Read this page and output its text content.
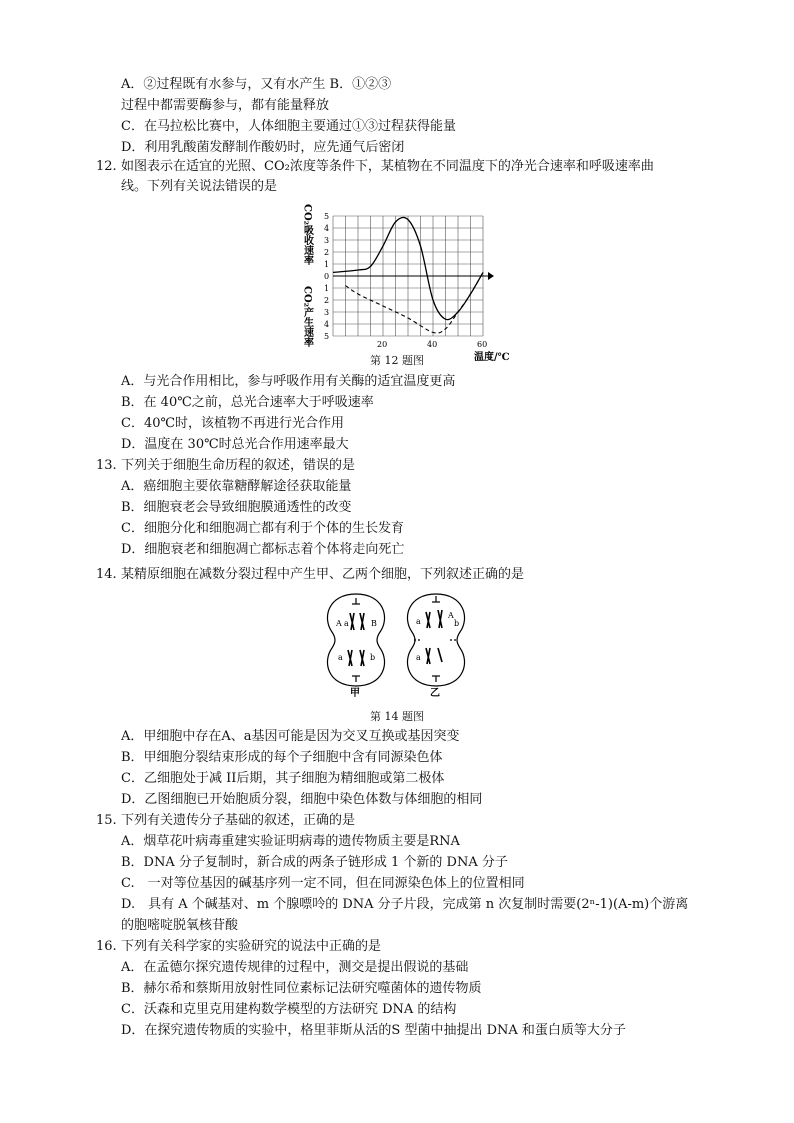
A．②过程既有水参与，又有水产生 B．①②③
过程中都需要酶参与，都有能量释放
C．在马拉松比赛中，人体细胞主要通过①③过程获得能量
D．利用乳酸菌发酵制作酸奶时，应先通气后密闭
12. 如图表示在适宜的光照、CO₂浓度等条件下，某植物在不同温度下的净光合速率和呼吸速率曲
线。下列有关说法错误的是
5
4
3
2
1
0
1
2
3
4
5
20	40	60
CO₂吸收速率
CO₂产生速率
温度/℃
第 12 题图
A．与光合作用相比，参与呼吸作用有关酶的适宜温度更高
B．在 40℃之前，总光合速率大于呼吸速率
C．40℃时，该植物不再进行光合作用
D．温度在 30℃时总光合作用速率最大
13. 下列关于细胞生命历程的叙述，错误的是
A．癌细胞主要依靠糖酵解途径获取能量
B．细胞衰老会导致细胞膜通透性的改变
C．细胞分化和细胞凋亡都有利于个体的生长发育
D．细胞衰老和细胞凋亡都标志着个体将走向死亡
14. 某精原细胞在减数分裂过程中产生甲、乙两个细胞，下列叙述正确的是
A a	B
a	b
甲
a
A
b
a
乙
第 14 题图
A．甲细胞中存在A、a基因可能是因为交叉互换或基因突变
B．甲细胞分裂结束形成的每个子细胞中含有同源染色体
C．乙细胞处于减 II后期，其子细胞为精细胞或第二极体
D．乙图细胞已开始胞质分裂，细胞中染色体数与体细胞的相同
15. 下列有关遗传分子基础的叙述，正确的是
A．烟草花叶病毒重建实验证明病毒的遗传物质主要是RNA
B．DNA 分子复制时，新合成的两条子链形成 1 个新的 DNA 分子
C.　一对等位基因的碱基序列一定不同，但在同源染色体上的位置相同
D.　具有 A 个碱基对、m 个腺嘌呤的 DNA 分子片段，完成第 n 次复制时需要(2ⁿ-1)(A-m)个游离
的胞嘧啶脱氧核苷酸
16. 下列有关科学家的实验研究的说法中正确的是
A．在孟德尔探究遗传规律的过程中，测交是提出假说的基础
B．赫尔希和蔡斯用放射性同位素标记法研究噬菌体的遗传物质
C．沃森和克里克用建构数学模型的方法研究 DNA 的结构
D．在探究遗传物质的实验中，格里菲斯从活的S 型菌中抽提出 DNA 和蛋白质等大分子
